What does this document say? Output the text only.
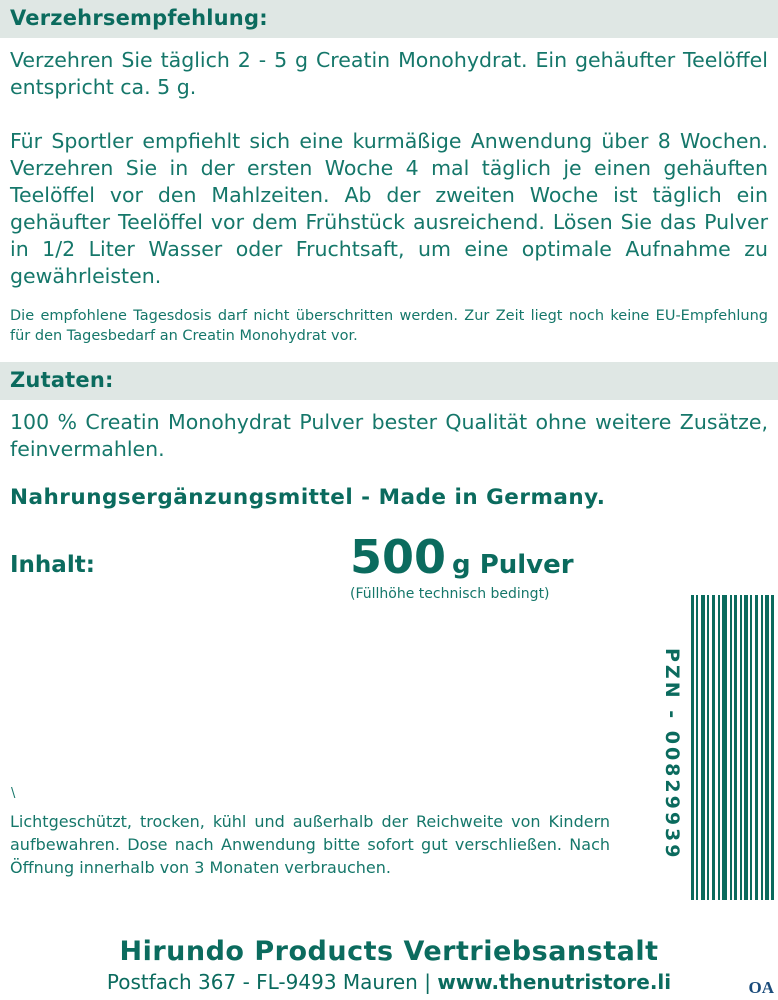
Verzehrsempfehlung:

Verzehren Sie täglich 2 - 5 g Creatin Monohydrat. Ein gehäufter Teelöffel entspricht ca. 5 g.

Für Sportler empfiehlt sich eine kurmäßige Anwendung über 8 Wochen. Verzehren Sie in der ersten Woche 4 mal täglich je einen gehäuften Teelöffel vor den Mahlzeiten. Ab der zweiten Woche ist täglich ein gehäufter Teelöffel vor dem Frühstück ausreichend. Lösen Sie das Pulver in 1/2 Liter Wasser oder Fruchtsaft, um eine optimale Aufnahme zu gewährleisten.

Die empfohlene Tagesdosis darf nicht überschritten werden. Zur Zeit liegt noch keine EU-Empfehlung für den Tagesbedarf an Creatin Monohydrat vor.

Zutaten:

100 % Creatin Monohydrat Pulver bester Qualität ohne weitere Zusätze, feinvermahlen.

Nahrungsergänzungsmittel - Made in Germany.

Inhalt:	500 g Pulver
(Füllhöhe technisch bedingt)
PZN - 00829939
\

Lichtgeschützt, trocken, kühl und außerhalb der Reichweite von Kindern aufbewahren. Dose nach Anwendung bitte sofort gut verschließen. Nach Öffnung innerhalb von 3 Monaten verbrauchen.

Hirundo Products Vertriebsanstalt
Postfach 367 - FL-9493 Mauren | www.thenutristore.li	OA
